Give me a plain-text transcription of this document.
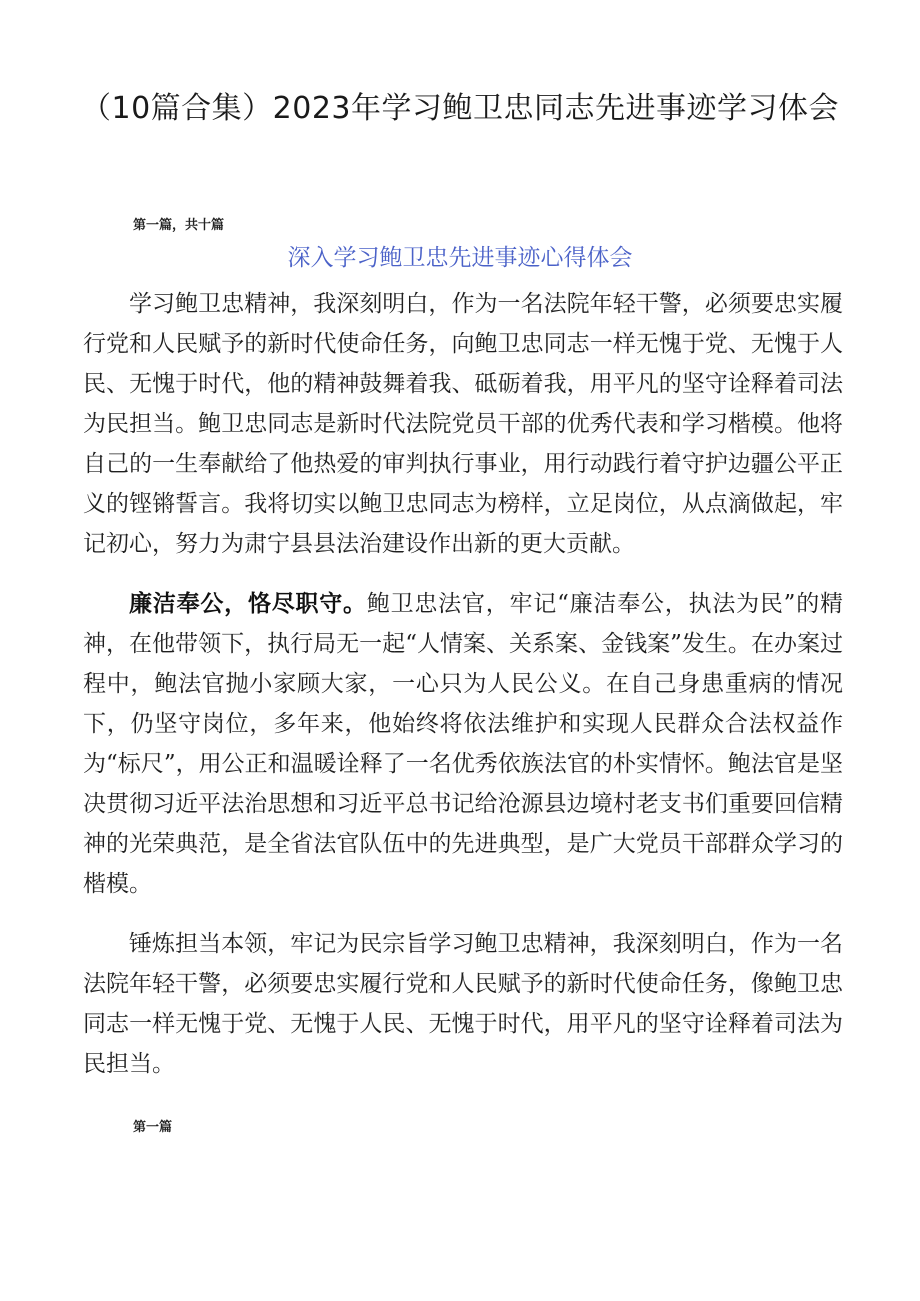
（10篇合集）2023年学习鲍卫忠同志先进事迹学习体会
第一篇，共十篇
深入学习鲍卫忠先进事迹心得体会

学习鲍卫忠精神，我深刻明白，作为一名法院年轻干警，必须要忠实履行党和人民赋予的新时代使命任务，向鲍卫忠同志一样无愧于党、无愧于人民、无愧于时代，他的精神鼓舞着我、砥砺着我，用平凡的坚守诠释着司法为民担当。鲍卫忠同志是新时代法院党员干部的优秀代表和学习楷模。他将自己的一生奉献给了他热爱的审判执行事业，用行动践行着守护边疆公平正义的铿锵誓言。我将切实以鲍卫忠同志为榜样，立足岗位，从点滴做起，牢记初心，努力为肃宁县县法治建设作出新的更大贡献。

廉洁奉公，恪尽职守。鲍卫忠法官，牢记“廉洁奉公，执法为民”的精神，在他带领下，执行局无一起“人情案、关系案、金钱案”发生。在办案过程中，鲍法官抛小家顾大家，一心只为人民公义。在自己身患重病的情况下，仍坚守岗位，多年来，他始终将依法维护和实现人民群众合法权益作为“标尺”，用公正和温暖诠释了一名优秀依族法官的朴实情怀。鲍法官是坚决贯彻习近平法治思想和习近平总书记给沧源县边境村老支书们重要回信精神的光荣典范，是全省法官队伍中的先进典型，是广大党员干部群众学习的楷模。

锤炼担当本领，牢记为民宗旨学习鲍卫忠精神，我深刻明白，作为一名法院年轻干警，必须要忠实履行党和人民赋予的新时代使命任务，像鲍卫忠同志一样无愧于党、无愧于人民、无愧于时代，用平凡的坚守诠释着司法为民担当。

第一篇
